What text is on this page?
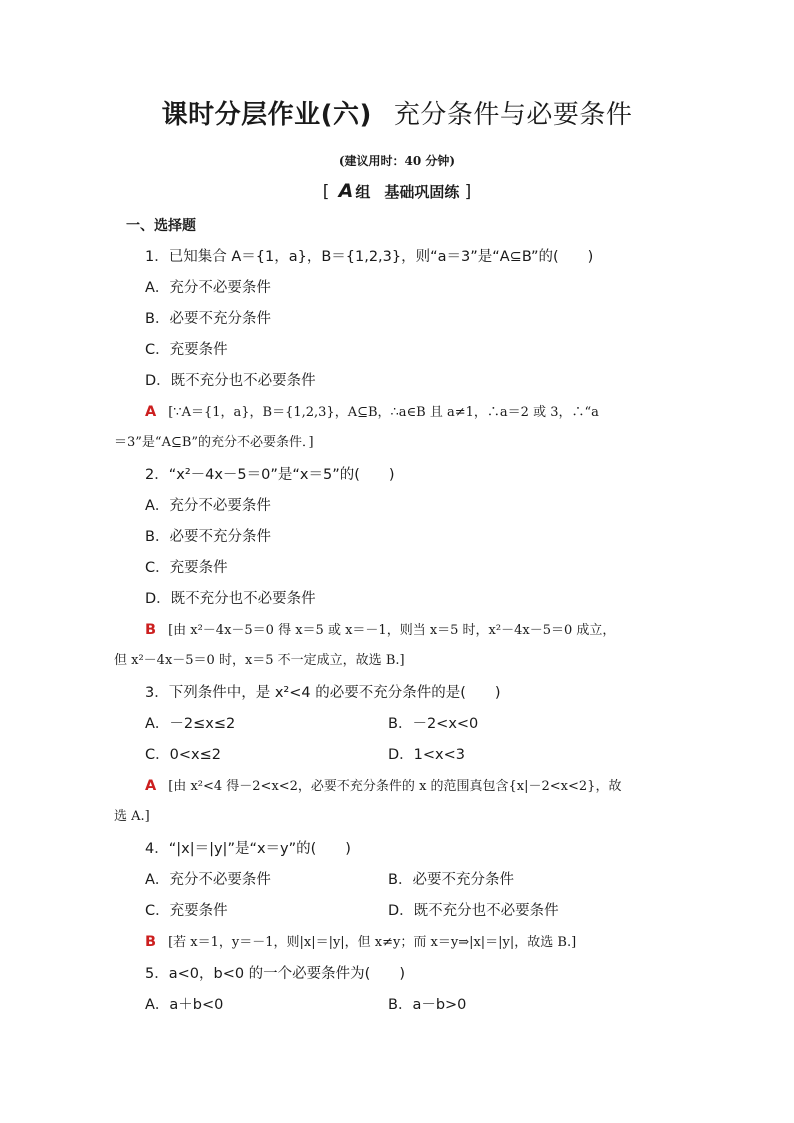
课时分层作业(六) 充分条件与必要条件
(建议用时：40 分钟)
[ A 组 基础巩固练 ]
一、选择题
1．已知集合 A＝{1，a}，B＝{1,2,3}，则“a＝3”是“A⊆B”的(　　)
A．充分不必要条件
B．必要不充分条件
C．充要条件
D．既不充分也不必要条件
A [∵A＝{1，a}，B＝{1,2,3}，A⊆B，∴a∈B 且 a≠1，∴a＝2 或 3，∴“a
＝3”是“A⊆B”的充分不必要条件．]
2．“x²－4x－5＝0”是“x＝5”的(　　)
A．充分不必要条件
B．必要不充分条件
C．充要条件
D．既不充分也不必要条件
B [由 x²－4x－5＝0 得 x＝5 或 x＝－1，则当 x＝5 时，x²－4x－5＝0 成立，
但 x²－4x－5＝0 时，x＝5 不一定成立，故选 B.]
3．下列条件中，是 x²<4 的必要不充分条件的是(　　)
A．－2≤x≤2	B．－2<x<0
C．0<x≤2	D．1<x<3
A [由 x²<4 得－2<x<2，必要不充分条件的 x 的范围真包含{x|－2<x<2}，故
选 A.]
4．“|x|＝|y|”是“x＝y”的(　　)
A．充分不必要条件	B．必要不充分条件
C．充要条件	D．既不充分也不必要条件
B [若 x＝1，y＝－1，则|x|＝|y|，但 x≠y；而 x＝y⇒|x|＝|y|，故选 B.]
5．a<0，b<0 的一个必要条件为(　　)
A．a＋b<0	B．a－b>0
